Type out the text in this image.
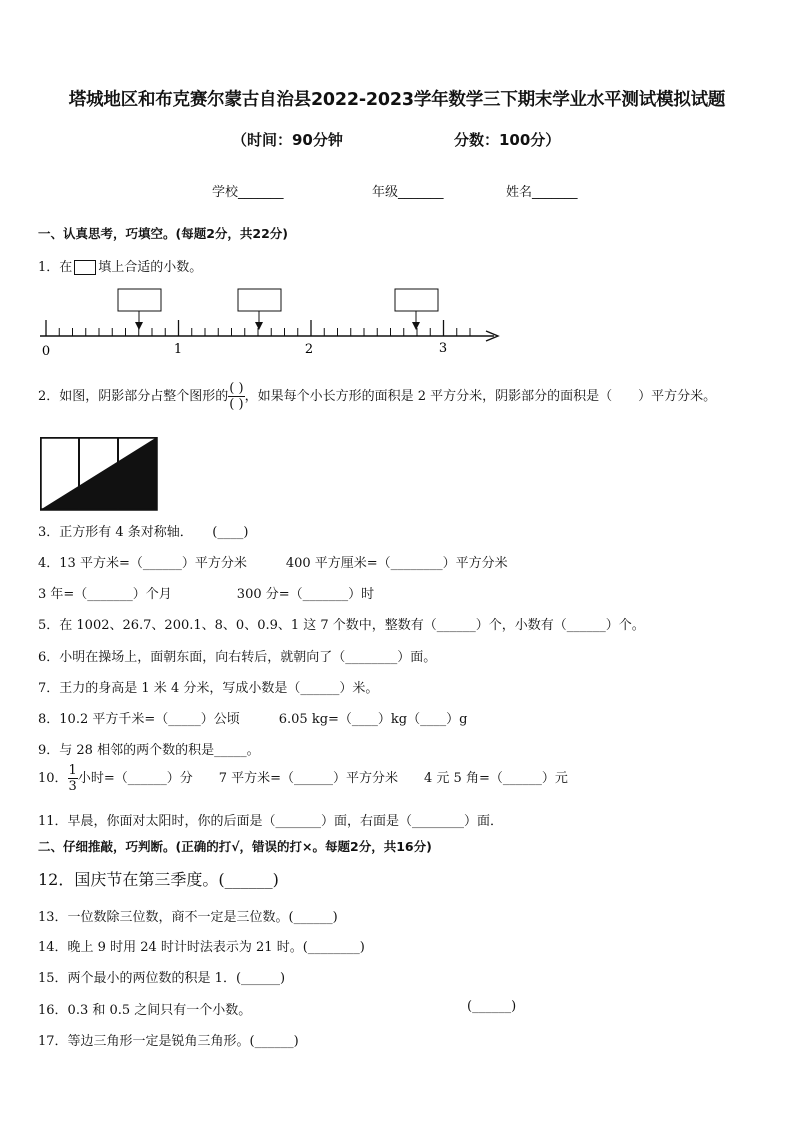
塔城地区和布克赛尔蒙古自治县2022-2023学年数学三下期末学业水平测试模拟试题
（时间：90分钟	分数：100分）
学校_______	年级_______	姓名_______
一、认真思考，巧填空。(每题2分，共22分)
1．在 填上合适的小数。
0	1	2	3
2．如图，阴影部分占整个图形的 $\frac{( )}{( )}$ ，如果每个小长方形的面积是 2 平方分米，阴影部分的面积是（　　）平方分米。
3．正方形有 4 条对称轴．　　(____)
4．13 平方米=（______）平方分米　　　400 平方厘米=（________）平方分米
3 年=（_______）个月　　　　　300 分=（_______）时
5．在 1002、26.7、200.1、8、0、0.9、1 这 7 个数中，整数有（______）个，小数有（______）个。
6．小明在操场上，面朝东面，向右转后，就朝向了（________）面。
7．王力的身高是 1 米 4 分米，写成小数是（______）米。
8．10.2 平方千米=（_____）公顷　　　6.05 kg=（____）kg（____）g
9．与 28 相邻的两个数的积是_____。
10． $\frac{1}{3}$ 小时=（______）分　　7 平方米=（______）平方分米　　4 元 5 角=（______）元
11．早晨，你面对太阳时，你的后面是（_______）面，右面是（________）面．
二、仔细推敲，巧判断。(正确的打√，错误的打×。每题2分，共16分)
12．国庆节在第三季度。(______)
13．一位数除三位数，商不一定是三位数。(______)
14．晚上 9 时用 24 时计时法表示为 21 时。(________)
15．两个最小的两位数的积是 1．(______)
16．0.3 和 0.5 之间只有一个小数。	(______)
17．等边三角形一定是锐角三角形。(______)
